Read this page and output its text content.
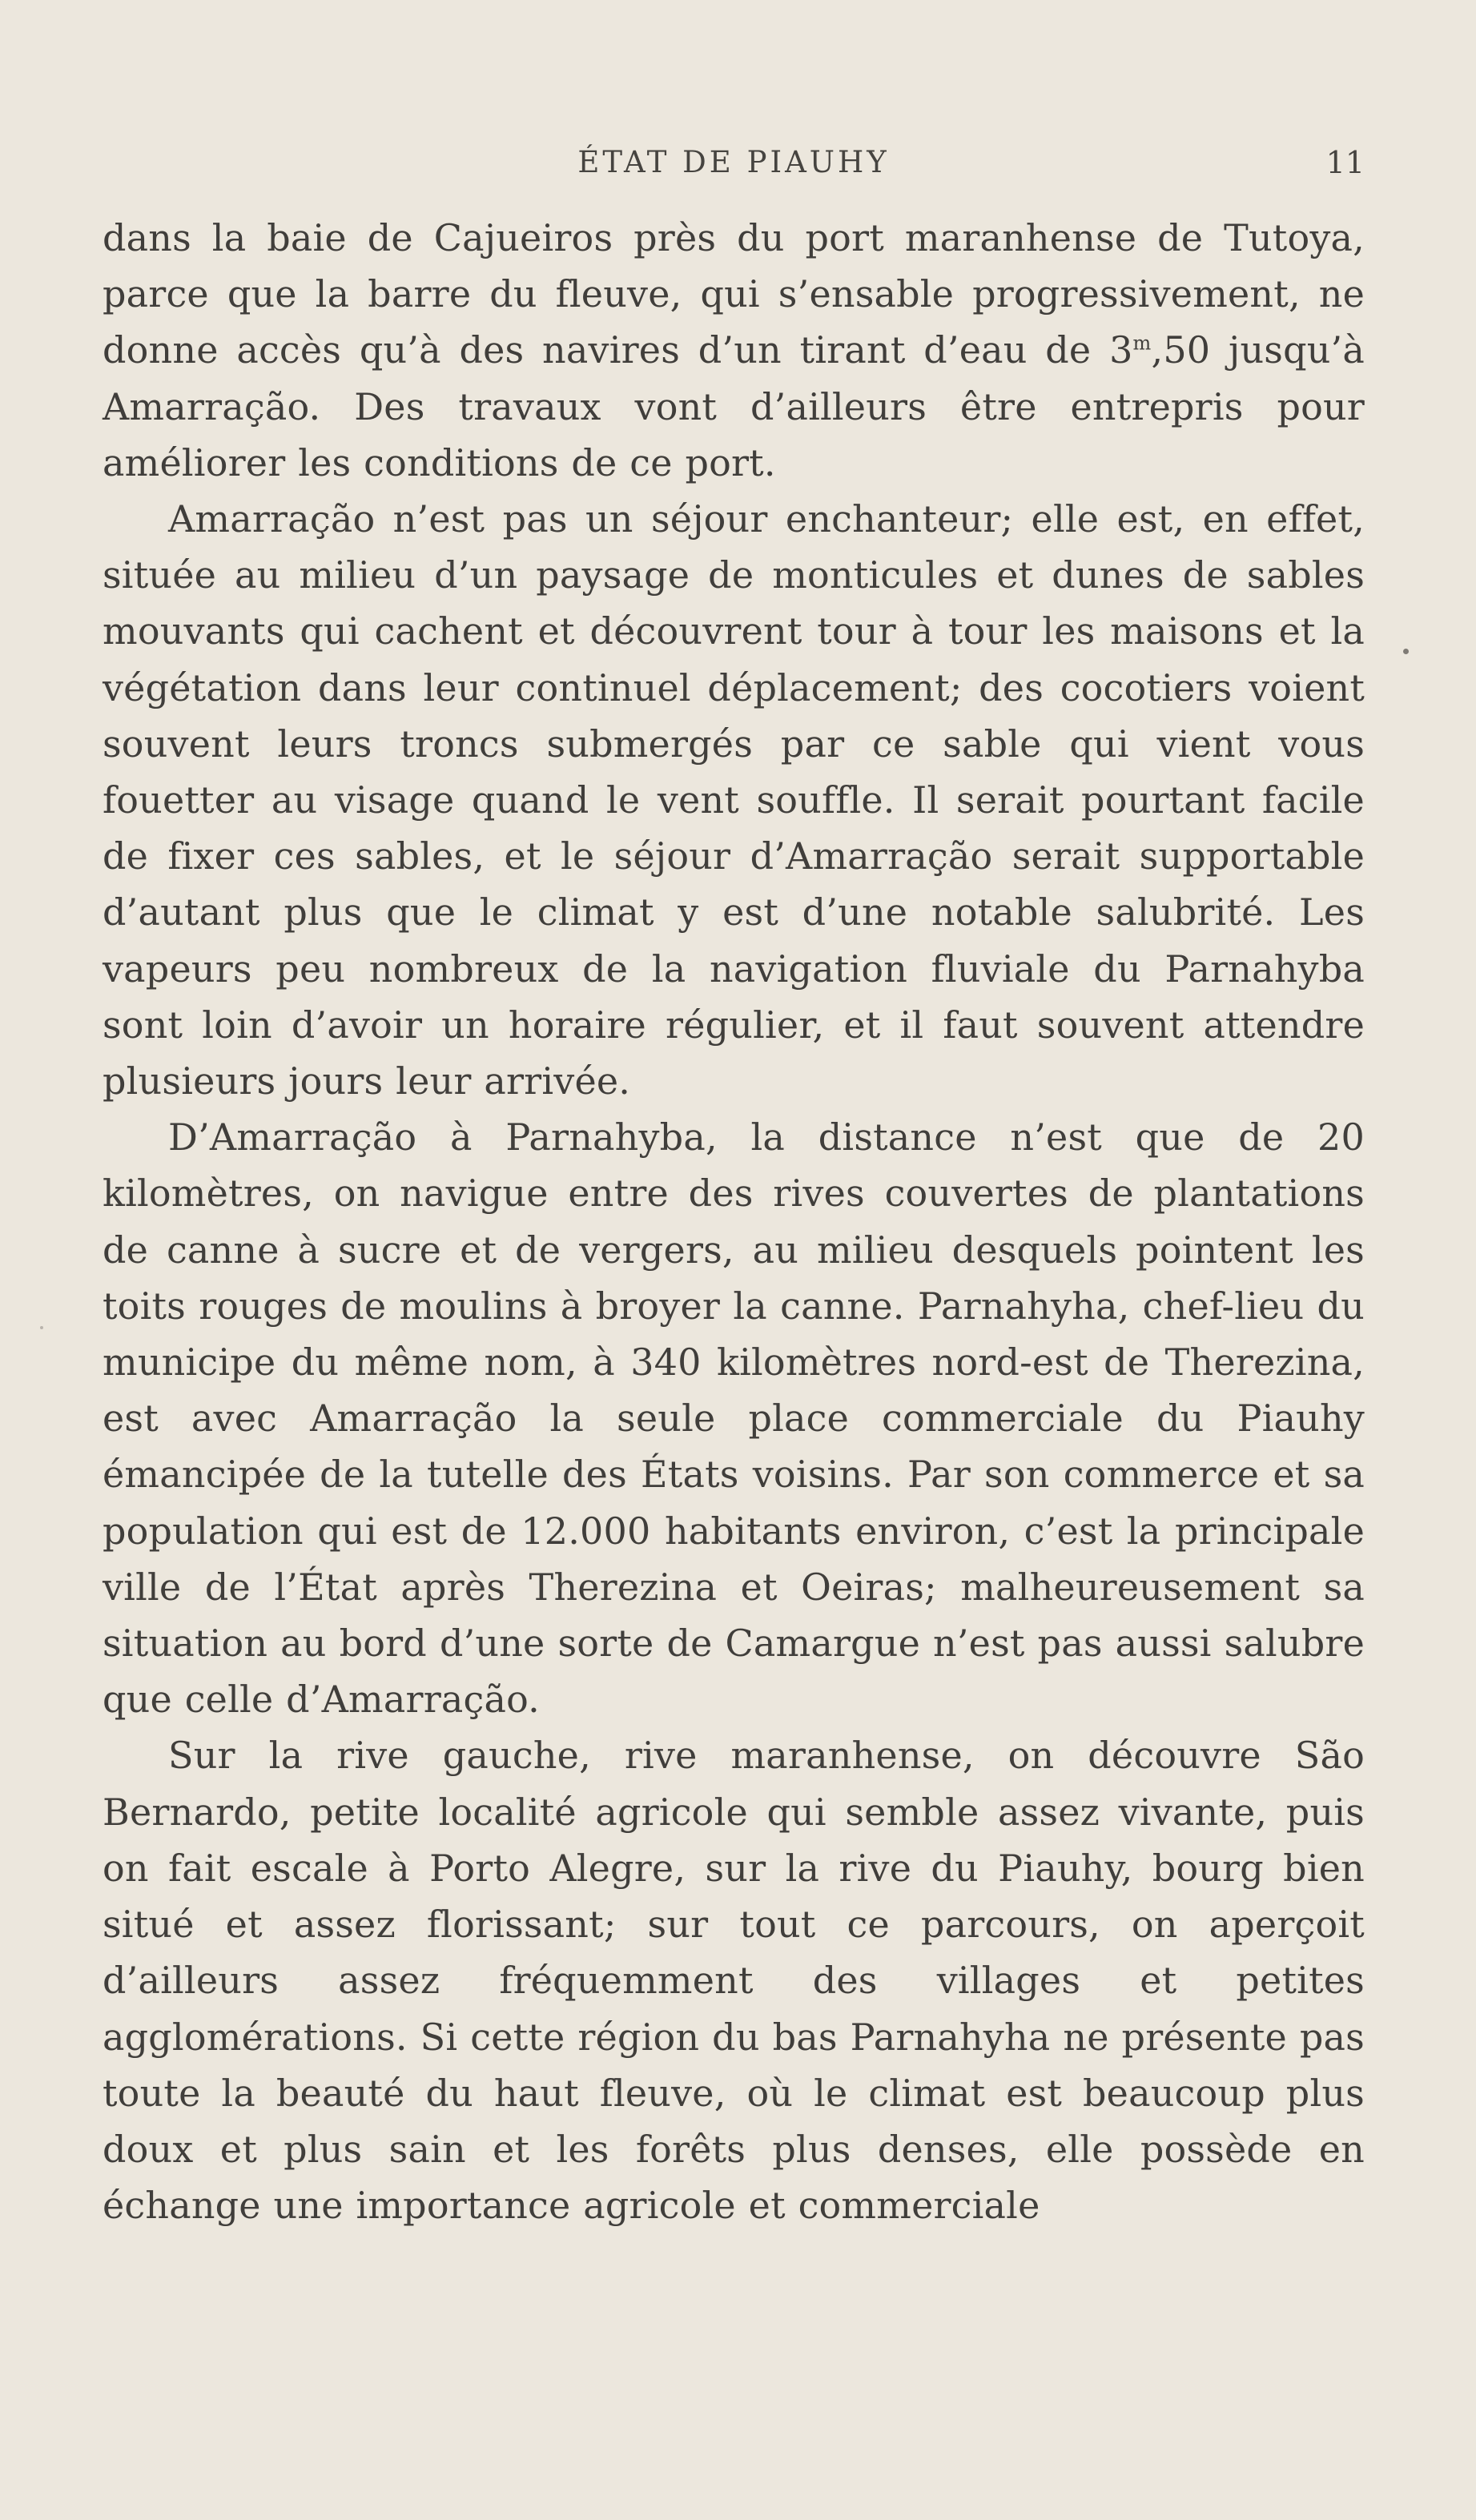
ÉTAT DE PIAUHY	11

dans la baie de Cajueiros près du port maranhense de Tutoya, parce que la barre du fleuve, qui s’ensable progressivement, ne donne accès qu’à des navires d’un tirant d’eau de 3$^m$,50 jusqu’à Amarração. Des travaux vont d’ailleurs être entrepris pour améliorer les conditions de ce port.

Amarração n’est pas un séjour enchanteur; elle est, en effet, située au milieu d’un paysage de monticules et dunes de sables mouvants qui cachent et découvrent tour à tour les maisons et la végétation dans leur continuel déplacement; des cocotiers voient souvent leurs troncs submergés par ce sable qui vient vous fouetter au visage quand le vent souffle. Il serait pourtant facile de fixer ces sables, et le séjour d’Amarração serait supportable d’autant plus que le climat y est d’une notable salubrité. Les vapeurs peu nombreux de la navigation fluviale du Parnahyba sont loin d’avoir un horaire régulier, et il faut souvent attendre plusieurs jours leur arrivée.

D’Amarração à Parnahyba, la distance n’est que de 20 kilomètres, on navigue entre des rives couvertes de plantations de canne à sucre et de vergers, au milieu desquels pointent les toits rouges de moulins à broyer la canne. Parnahyha, chef-lieu du municipe du même nom, à 340 kilomètres nord-est de Therezina, est avec Amarração la seule place commerciale du Piauhy émancipée de la tutelle des États voisins. Par son commerce et sa population qui est de 12.000 habitants environ, c’est la principale ville de l’État après Therezina et Oeiras; malheureusement sa situation au bord d’une sorte de Camargue n’est pas aussi salubre que celle d’Amarração.

Sur la rive gauche, rive maranhense, on découvre São Bernardo, petite localité agricole qui semble assez vivante, puis on fait escale à Porto Alegre, sur la rive du Piauhy, bourg bien situé et assez florissant; sur tout ce parcours, on aperçoit d’ailleurs assez fréquemment des villages et petites agglomérations. Si cette région du bas Parnahyha ne présente pas toute la beauté du haut fleuve, où le climat est beaucoup plus doux et plus sain et les forêts plus denses, elle possède en échange une importance agricole et commerciale
